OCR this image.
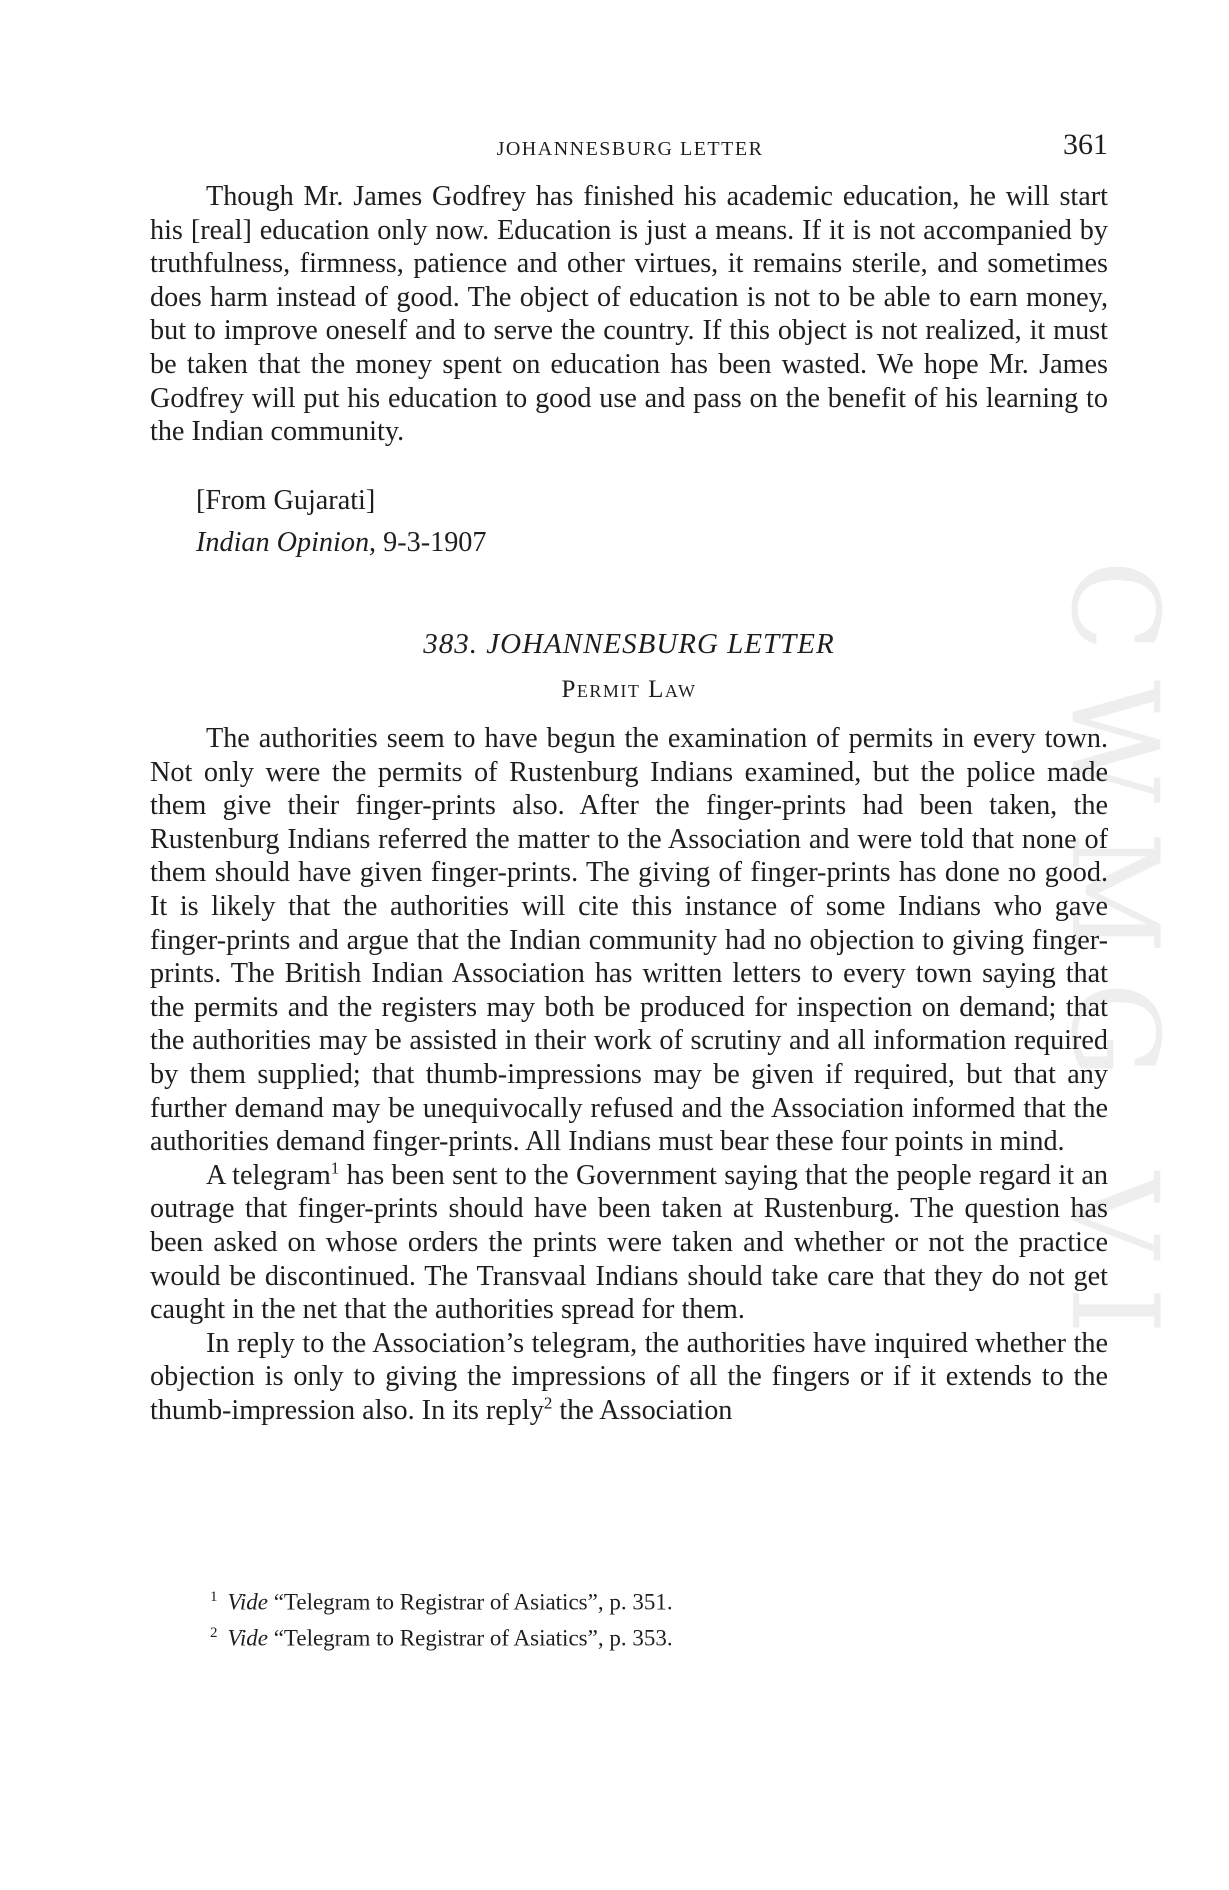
CWMG VI
JOHANNESBURG LETTER	361

Though Mr. James Godfrey has finished his academic education, he will start his [real] education only now. Education is just a means. If it is not accompanied by truthfulness, firmness, patience and other virtues, it remains sterile, and sometimes does harm instead of good. The object of education is not to be able to earn money, but to improve oneself and to serve the country. If this object is not realized, it must be taken that the money spent on education has been wasted. We hope Mr. James Godfrey will put his education to good use and pass on the benefit of his learning to the Indian community.

[From Gujarati]
Indian Opinion, 9-3-1907
383. JOHANNESBURG LETTER
Permit Law

The authorities seem to have begun the examination of permits in every town. Not only were the permits of Rustenburg Indians examined, but the police made them give their finger-prints also. After the finger-prints had been taken, the Rustenburg Indians referred the matter to the Association and were told that none of them should have given finger-prints. The giving of finger-prints has done no good. It is likely that the authorities will cite this instance of some Indians who gave finger-prints and argue that the Indian community had no objection to giving finger-prints. The British Indian Association has written letters to every town saying that the permits and the registers may both be produced for inspection on demand; that the authorities may be assisted in their work of scrutiny and all information required by them supplied; that thumb-impressions may be given if required, but that any further demand may be unequivocally refused and the Association informed that the authorities demand finger-prints. All Indians must bear these four points in mind.

A telegram$^1$ has been sent to the Government saying that the people regard it an outrage that finger-prints should have been taken at Rustenburg. The question has been asked on whose orders the prints were taken and whether or not the practice would be discontinued. The Transvaal Indians should take care that they do not get caught in the net that the authorities spread for them.

In reply to the Association’s telegram, the authorities have inquired whether the objection is only to giving the impressions of all the fingers or if it extends to the thumb-impression also. In its reply$^2$ the Association

$^1$ Vide “Telegram to Registrar of Asiatics”, p. 351.

$^2$ Vide “Telegram to Registrar of Asiatics”, p. 353.
